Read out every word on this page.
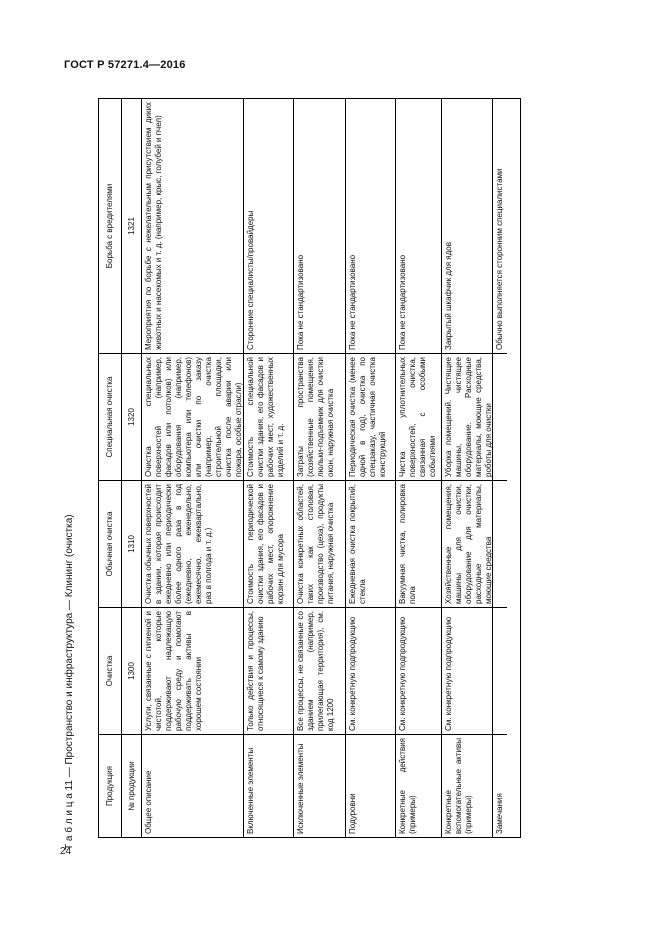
ГОСТ Р 57271.4—2016
24
Т а б л и ц а 11 — Пространство и инфраструктура — Клининг (очистка)	Продукция
Очистка
Обычная очистка
Специальная очистка
Борьба с вредителями
№ продукции
1300
1310
1320
1321
Общее описание
Услуги, связанные с гигиеной и чистотой, которые поддерживают надлежащую рабочую среду и помогают поддерживать активы в хорошем состоянии
Очистка обычных поверхностей в здании, которая происходит ежедневно или периодически более одного раза в год (ежедневно, еженедельно, ежемесячно, ежеквартально, раз в полгода и т. д.)
Очистка специальных поверхностей (например, фасадов или потолков) или оборудования (например, компьютера или телефонов) или очистки по заказу (например, очистка строительной площадки, очистка после аварии или пожара, особые отрасли)
Мероприятия по борьбе с нежелательным присутствием диких животных и насекомых и т. д. (например, крыс, голубей и пчел)
Включенные элементы
Только действия и процессы, относящиеся к самому зданию
Стоимость периодической очистки здания, его фасадов и рабочих мест, опорожнение корзин для мусора
Стоимость специальной очистки здания, его фасадов и рабочих мест, художественных изделий и т. д.
Сторонние специалисты/провайдеры
Исключенные элементы
Все процессы, не связанные со зданием (например, прилегающая территория), см. код 1200
Очистка конкретных областей, таких как столовая, производство (цеха), продукты питания, наружная очистка
Затраты пространства (хозяйственные помещения, люльки-подъемник для очистки окон, наружная очистка
Пока не стандартизовано
Подуровни
См. конкретную подпродукцию
Ежедневная очистка покрытий, стекла
Периодическая очистка (менее одной в год), очистка по спецзаказу, частичная очистка конструкций
Пока не стандартизовано
Конкретные действия (примеры)
См. конкретную подпродукцию
Вакуумная чистка, полировка пола
Чистка уплотнительных поверхностей, очистка, связанная с особыми событиями
Пока не стандартизовано
Конкретные вспомогательные активы (примеры)
См. конкретную подпродукцию
Хозяйственные помещения, машины для очистки, оборудование для очистки, расходные материалы, моющие средства
Уборка помещений. Чистящие машины, чистящее оборудование. Расходные материалы, моющие средства, роботы для очистки
Закрытый шкафчик для ядов
Замечания
Обычно выполняется сторонним специалистами
